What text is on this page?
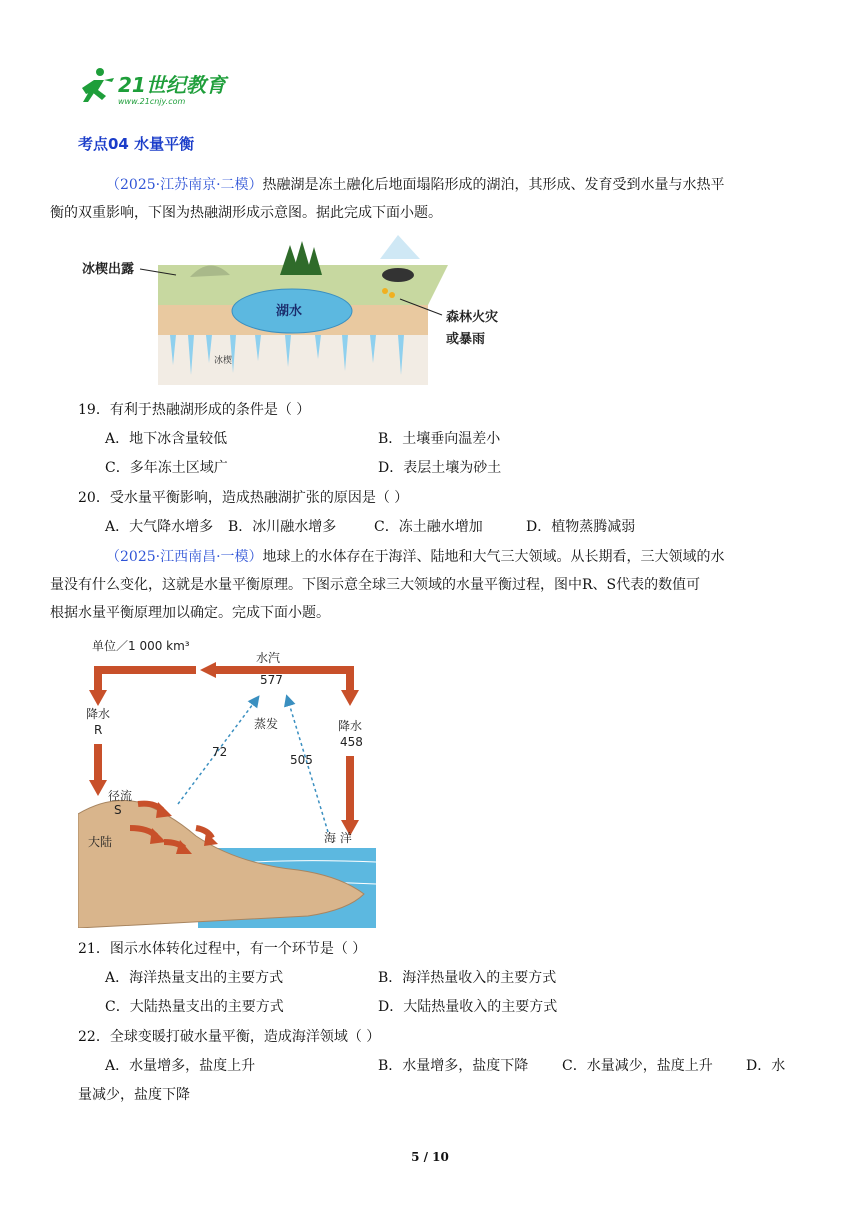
21世纪教育
www.21cnjy.com
考点04 水量平衡
（2025·江苏南京·二模）热融湖是冻土融化后地面塌陷形成的湖泊，其形成、发育受到水量与水热平
衡的双重影响，下图为热融湖形成示意图。据此完成下面小题。
冰楔出露
湖水
冰楔
森林火灾
或暴雨
19．有利于热融湖形成的条件是（ ）
A．地下冰含量较低	B．土壤垂向温差小
C．多年冻土区域广	D．表层土壤为砂土
20．受水量平衡影响，造成热融湖扩张的原因是（ ）
A．大气降水增多 B．冰川融水增多	C．冻土融水增加	D．植物蒸腾减弱
（2025·江西南昌·一模）地球上的水体存在于海洋、陆地和大气三大领域。从长期看，三大领域的水
量没有什么变化，这就是水量平衡原理。下图示意全球三大领域的水量平衡过程，图中R、S代表的数值可
根据水量平衡原理加以确定。完成下面小题。
单位／1 000 km³
水汽
577
降水
R	蒸发
72
505
降水
458
径流
S
大陆	海 洋
21．图示水体转化过程中，有一个环节是（ ）
A．海洋热量支出的主要方式	B．海洋热量收入的主要方式
C．大陆热量支出的主要方式	D．大陆热量收入的主要方式
22．全球变暖打破水量平衡，造成海洋领域（ ）
A．水量增多，盐度上升	B．水量增多，盐度下降 C．水量减少，盐度上升 D．水
量减少，盐度下降
5 / 10
